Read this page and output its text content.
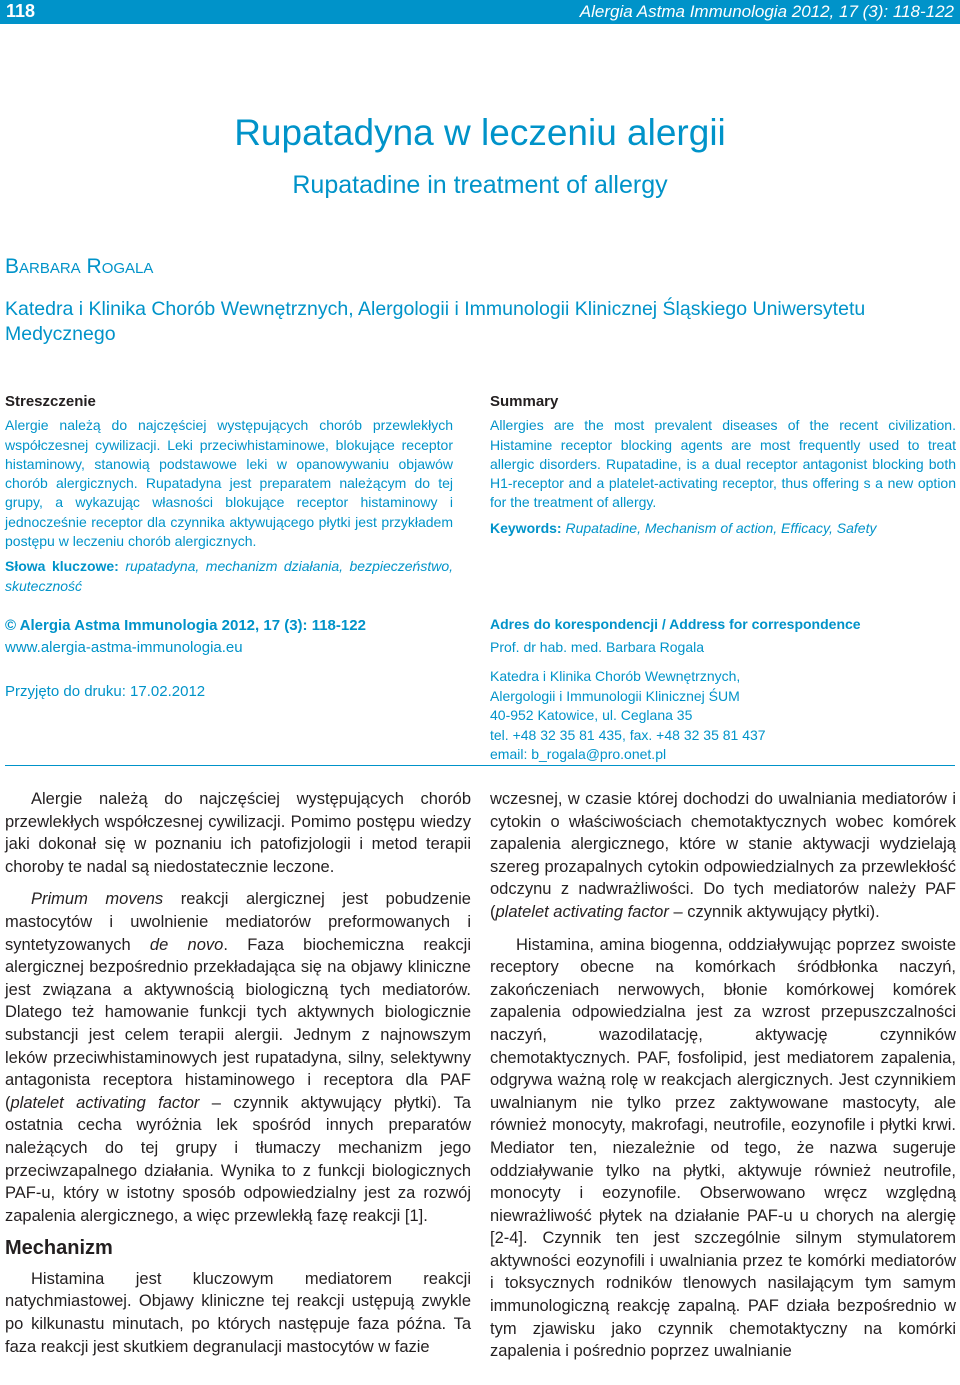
118	Alergia Astma Immunologia 2012, 17 (3): 118-122
Rupatadyna w leczeniu alergii
Rupatadine in treatment of allergy
Barbara Rogala
Katedra i Klinika Chorób Wewnętrznych, Alergologii i Immunologii Klinicznej Śląskiego Uniwersytetu Medycznego
Streszczenie

Alergie należą do najczęściej występujących chorób przewlekłych współczesnej cywilizacji. Leki przeciwhistaminowe, blokujące receptor histaminowy, stanowią podstawowe leki w opanowywaniu objawów chorób alergicznych. Rupatadyna jest preparatem należącym do tej grupy, a wykazując własności blokujące receptor histaminowy i jednocześnie receptor dla czynnika aktywującego płytki jest przykładem postępu w leczeniu chorób alergicznych.

Słowa kluczowe: rupatadyna, mechanizm działania, bezpieczeństwo, skuteczność
Summary

Allergies are the most prevalent diseases of the recent civilization. Histamine receptor blocking agents are most frequently used to treat allergic disorders. Rupatadine, is a dual receptor antagonist blocking both H1-receptor and a platelet-activating receptor, thus offering s a new option for the treatment of allergy.

Keywords: Rupatadine, Mechanism of action, Efficacy, Safety
© Alergia Astma Immunologia 2012, 17 (3): 118-122
www.alergia-astma-immunologia.eu
Przyjęto do druku: 17.02.2012
Adres do korespondencji / Address for correspondence
Prof. dr hab. med. Barbara Rogala
Katedra i Klinika Chorób Wewnętrznych,
Alergologii i Immunologii Klinicznej ŚUM
40-952 Katowice, ul. Ceglana 35
tel. +48 32 35 81 435, fax. +48 32 35 81 437
email: b_rogala@pro.onet.pl

Alergie należą do najczęściej występujących chorób przewlekłych współczesnej cywilizacji. Pomimo postępu wiedzy jaki dokonał się w poznaniu ich patofizjologii i metod terapii choroby te nadal są niedostatecznie leczone.

Primum movens reakcji alergicznej jest pobudzenie mastocytów i uwolnienie mediatorów preformowanych i syntetyzowanych de novo. Faza biochemiczna reakcji alergicznej bezpośrednio przekładająca się na objawy kliniczne jest związana a aktywnością biologiczną tych mediatorów. Dlatego też hamowanie funkcji tych aktywnych biologicznie substancji jest celem terapii alergii. Jednym z najnowszym leków przeciwhistaminowych jest rupatadyna, silny, selektywny antagonista receptora histaminowego i receptora dla PAF (platelet activating factor – czynnik aktywujący płytki). Ta ostatnia cecha wyróżnia lek spośród innych preparatów należących do tej grupy i tłumaczy mechanizm jego przeciwzapalnego działania. Wynika to z funkcji biologicznych PAF-u, który w istotny sposób odpowiedzialny jest za rozwój zapalenia alergicznego, a więc przewlekłą fazę reakcji [1].

Mechanizm

Histamina jest kluczowym mediatorem reakcji natychmiastowej. Objawy kliniczne tej reakcji ustępują zwykle po kilkunastu minutach, po których następuje faza późna. Ta faza reakcji jest skutkiem degranulacji mastocytów w fazie

wczesnej, w czasie której dochodzi do uwalniania mediatorów i cytokin o właściwościach chemotaktycznych wobec komórek zapalenia alergicznego, które w stanie aktywacji wydzielają szereg prozapalnych cytokin odpowiedzialnych za przewlekłość odczynu z nadwrażliwości. Do tych mediatorów należy PAF (platelet activating factor – czynnik aktywujący płytki).

Histamina, amina biogenna, oddziaływując poprzez swoiste receptory obecne na komórkach śródbłonka naczyń, zakończeniach nerwowych, błonie komórkowej komórek zapalenia odpowiedzialna jest za wzrost przepuszczalności naczyń, wazodilatację, aktywację czynników chemotaktycznych. PAF, fosfolipid, jest mediatorem zapalenia, odgrywa ważną rolę w reakcjach alergicznych. Jest czynnikiem uwalnianym nie tylko przez zaktywowane mastocyty, ale również monocyty, makrofagi, neutrofile, eozynofile i płytki krwi. Mediator ten, niezależnie od tego, że nazwa sugeruje oddziaływanie tylko na płytki, aktywuje również neutrofile, monocyty i eozynofile. Obserwowano wręcz względną niewrażliwość płytek na działanie PAF-u u chorych na alergię [2-4]. Czynnik ten jest szczególnie silnym stymulatorem aktywności eozynofili i uwalniania przez te komórki mediatorów i toksycznych rodników tlenowych nasilającym tym samym immunologiczną reakcję zapalną. PAF działa bezpośrednio w tym zjawisku jako czynnik chemotaktyczny na komórki zapalenia i pośrednio poprzez uwalnianie
